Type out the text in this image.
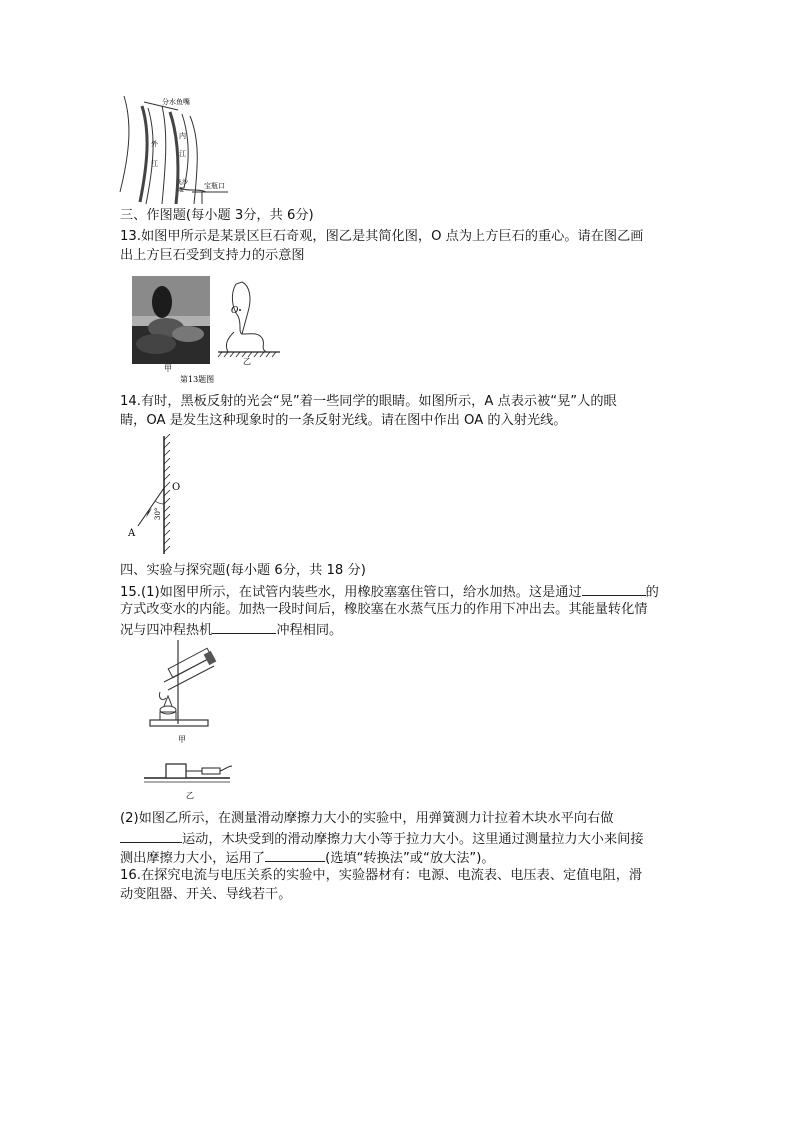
分水鱼嘴
外
江
内
江
飞沙
堰
宝瓶口
三、作图题(每小题 3分，共 6分)
13.如图甲所示是某景区巨石奇观，图乙是其简化图，O 点为上方巨石的重心。请在图乙画
出上方巨石受到支持力的示意图
O
甲
乙
第13题图
14.有时，黑板反射的光会“晃”着一些同学的眼睛。如图所示，A 点表示被“晃”人的眼
睛，OA 是发生这种现象时的一条反射光线。请在图中作出 OA 的入射光线。
O
A
30°
四、实验与探究题(每小题 6分，共 18 分)
15.(1)如图甲所示，在试管内装些水，用橡胶塞塞住管口，给水加热。这是通过	的
方式改变水的内能。加热一段时间后，橡胶塞在水蒸气压力的作用下冲出去。其能量转化情
况与四冲程热机	冲程相同。
甲
乙
(2)如图乙所示，在测量滑动摩擦力大小的实验中，用弹簧测力计拉着木块水平向右做
运动，木块受到的滑动摩擦力大小等于拉力大小。这里通过测量拉力大小来间接
测出摩擦力大小，运用了	(选填“转换法”或“放大法”)。
16.在探究电流与电压关系的实验中，实验器材有：电源、电流表、电压表、定值电阻，滑
动变阻器、开关、导线若干。
